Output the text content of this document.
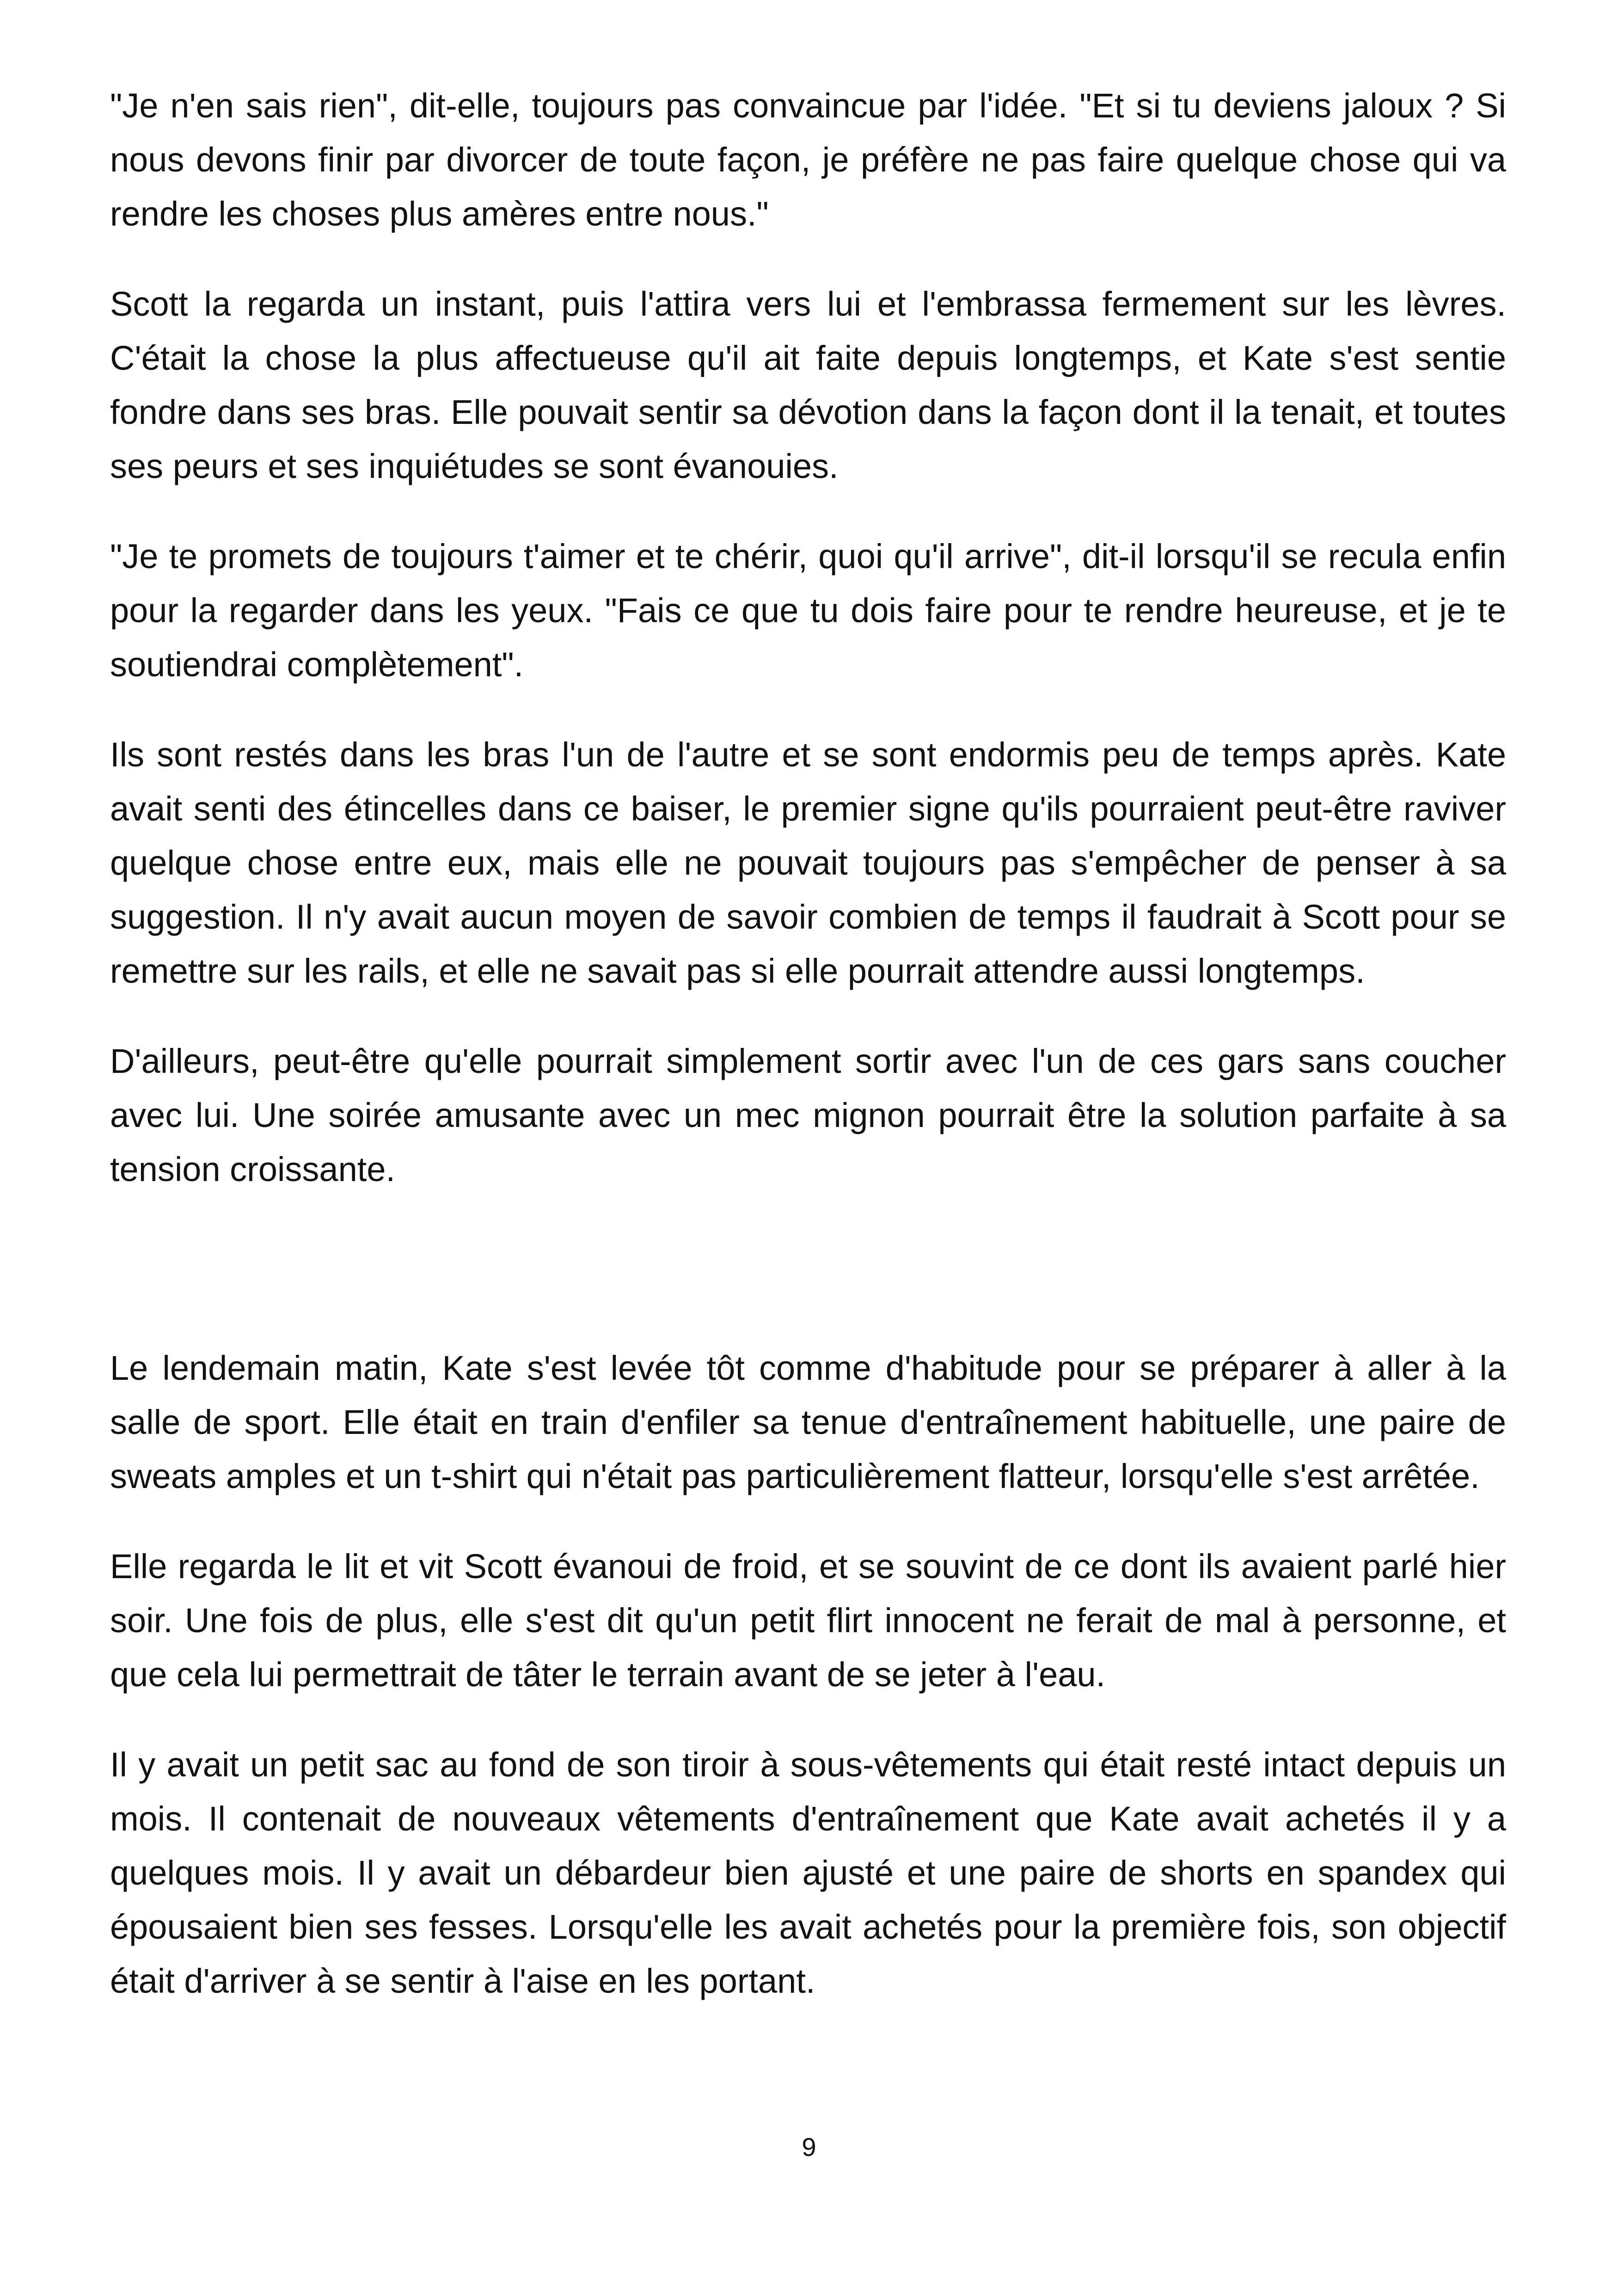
"Je n'en sais rien", dit-elle, toujours pas convaincue par l'idée. "Et si tu deviens jaloux ? Si nous devons finir par divorcer de toute façon, je préfère ne pas faire quelque chose qui va rendre les choses plus amères entre nous."

Scott la regarda un instant, puis l'attira vers lui et l'embrassa fermement sur les lèvres. C'était la chose la plus affectueuse qu'il ait faite depuis longtemps, et Kate s'est sentie fondre dans ses bras. Elle pouvait sentir sa dévotion dans la façon dont il la tenait, et toutes ses peurs et ses inquiétudes se sont évanouies.

"Je te promets de toujours t'aimer et te chérir, quoi qu'il arrive", dit-il lorsqu'il se recula enfin pour la regarder dans les yeux. "Fais ce que tu dois faire pour te rendre heureuse, et je te soutiendrai complètement".

Ils sont restés dans les bras l'un de l'autre et se sont endormis peu de temps après. Kate avait senti des étincelles dans ce baiser, le premier signe qu'ils pourraient peut-être raviver quelque chose entre eux, mais elle ne pouvait toujours pas s'empêcher de penser à sa suggestion. Il n'y avait aucun moyen de savoir combien de temps il faudrait à Scott pour se remettre sur les rails, et elle ne savait pas si elle pourrait attendre aussi longtemps.

D'ailleurs, peut-être qu'elle pourrait simplement sortir avec l'un de ces gars sans coucher avec lui. Une soirée amusante avec un mec mignon pourrait être la solution parfaite à sa tension croissante.

Le lendemain matin, Kate s'est levée tôt comme d'habitude pour se préparer à aller à la salle de sport. Elle était en train d'enfiler sa tenue d'entraînement habituelle, une paire de sweats amples et un t-shirt qui n'était pas particulièrement flatteur, lorsqu'elle s'est arrêtée.

Elle regarda le lit et vit Scott évanoui de froid, et se souvint de ce dont ils avaient parlé hier soir. Une fois de plus, elle s'est dit qu'un petit flirt innocent ne ferait de mal à personne, et que cela lui permettrait de tâter le terrain avant de se jeter à l'eau.

Il y avait un petit sac au fond de son tiroir à sous-vêtements qui était resté intact depuis un mois. Il contenait de nouveaux vêtements d'entraînement que Kate avait achetés il y a quelques mois. Il y avait un débardeur bien ajusté et une paire de shorts en spandex qui épousaient bien ses fesses. Lorsqu'elle les avait achetés pour la première fois, son objectif était d'arriver à se sentir à l'aise en les portant.

9
